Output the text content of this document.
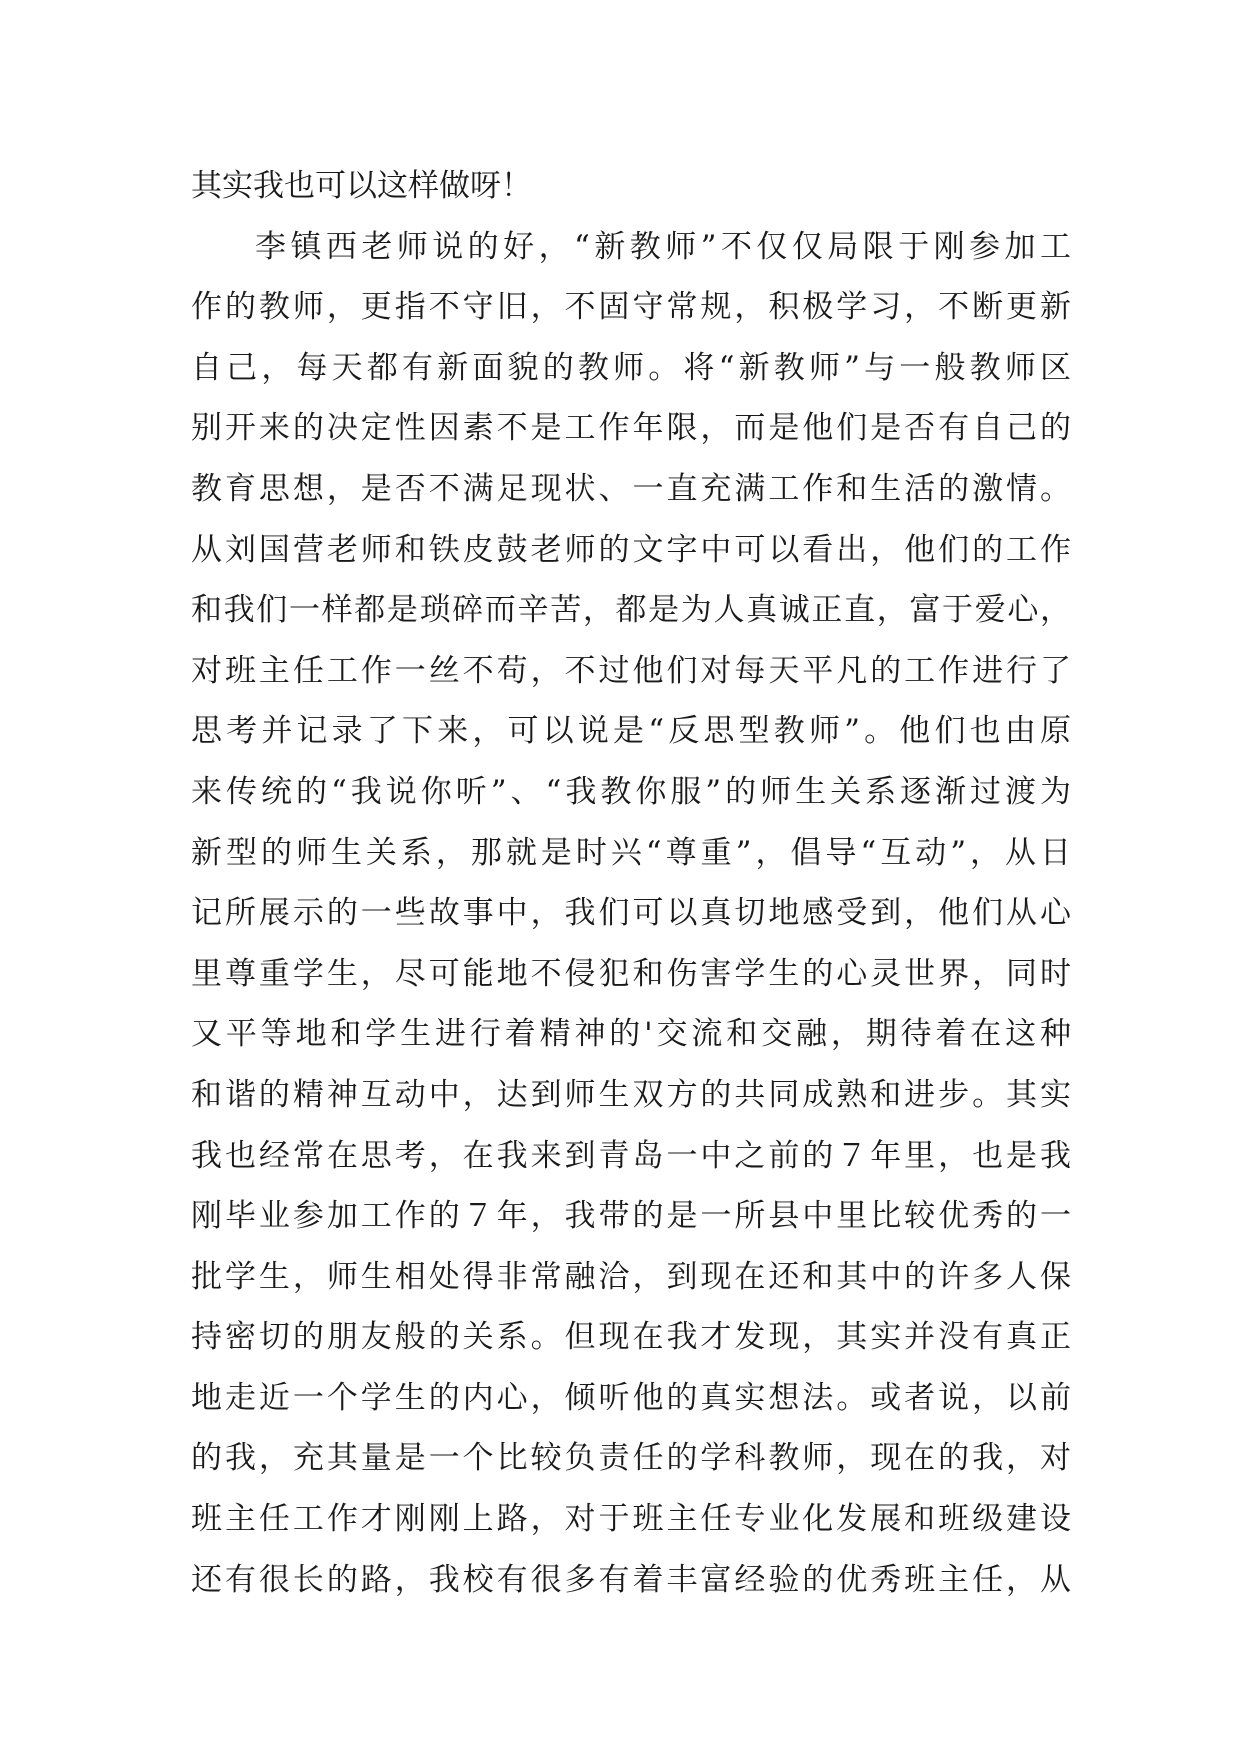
其实我也可以这样做呀！
李镇西老师说的好，“新教师”不仅仅局限于刚参加工
作的教师，更指不守旧，不固守常规，积极学习，不断更新
自己，每天都有新面貌的教师。将“新教师”与一般教师区
别开来的决定性因素不是工作年限，而是他们是否有自己的
教育思想，是否不满足现状、一直充满工作和生活的激情。
从刘国营老师和铁皮鼓老师的文字中可以看出，他们的工作
和我们一样都是琐碎而辛苦，都是为人真诚正直，富于爱心，
对班主任工作一丝不苟，不过他们对每天平凡的工作进行了
思考并记录了下来，可以说是“反思型教师”。他们也由原
来传统的“我说你听”、“我教你服”的师生关系逐渐过渡为
新型的师生关系，那就是时兴“尊重”，倡导“互动”，从日
记所展示的一些故事中，我们可以真切地感受到，他们从心
里尊重学生，尽可能地不侵犯和伤害学生的心灵世界，同时
又平等地和学生进行着精神的'交流和交融，期待着在这种
和谐的精神互动中，达到师生双方的共同成熟和进步。其实
我也经常在思考，在我来到青岛一中之前的７年里，也是我
刚毕业参加工作的７年，我带的是一所县中里比较优秀的一
批学生，师生相处得非常融洽，到现在还和其中的许多人保
持密切的朋友般的关系。但现在我才发现，其实并没有真正
地走近一个学生的内心，倾听他的真实想法。或者说，以前
的我，充其量是一个比较负责任的学科教师，现在的我，对
班主任工作才刚刚上路，对于班主任专业化发展和班级建设
还有很长的路，我校有很多有着丰富经验的优秀班主任，从
